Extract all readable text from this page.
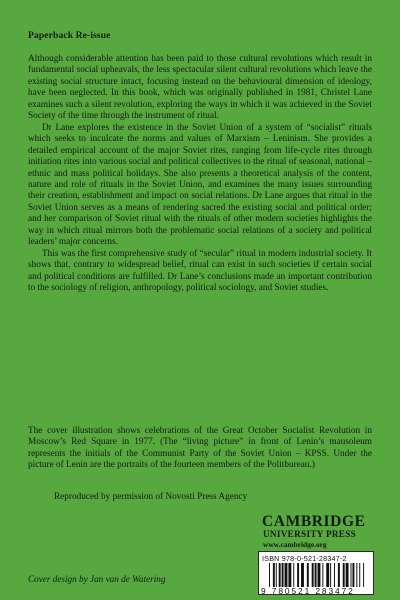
Paperback Re-issue

Although considerable attention has been paid to those cultural revolutions which result in fundamental social upheavals, the less spectacular silent cultural revolutions which leave the existing social structure intact, focusing instead on the behavioural dimension of ideology, have been neglected. In this book, which was originally published in 1981, Christel Lane examines such a silent revolution, exploring the ways in which it was achieved in the Soviet Society of the time through the instrument of ritual.

Dr Lane explores the existence in the Soviet Union of a system of “socialist” rituals which seeks to inculcate the norms and values of Marxism – Leninism. She provides a detailed empirical account of the major Soviet rites, ranging from life-cycle rites through initiation rites into various social and political collectives to the ritual of seasonal, national – ethnic and mass political holidays. She also presents a theoretical analysis of the content, nature and role of rituals in the Soviet Union, and examines the many issues surrounding their creation, establishment and impact on social relations. Dr Lane argues that ritual in the Soviet Union serves as a means of rendering sacred the existing social and political order; and her comparison of Soviet ritual with the rituals of other modern societies highlights the way in which ritual mirrors both the problematic social relations of a society and political leaders’ major concerns.

This was the first comprehensive study of “secular” ritual in modern industrial society. It shows that, contrary to widespread belief, ritual can exist in such societies if certain social and political conditions are fulfilled. Dr Lane’s conclusions made an important contribution to the sociology of religion, anthropology, political sociology, and Soviet studies.

The cover illustration shows celebrations of the Great October Socialist Revolution in Moscow’s Red Square in 1977. (The “living picture” in front of Lenin’s mausoleum represents the initials of the Communist Party of the Soviet Union – KPSS. Under the picture of Lenin are the portraits of the fourteen members of the Politbureau.)
Reproduced by permission of Novosti Press Agency
CAMBRIDGE
UNIVERSITY PRESS
www.cambridge.org
ISBN 978-0-521-28347-2
9 780521 283472
Cover design by Jan van de Watering
